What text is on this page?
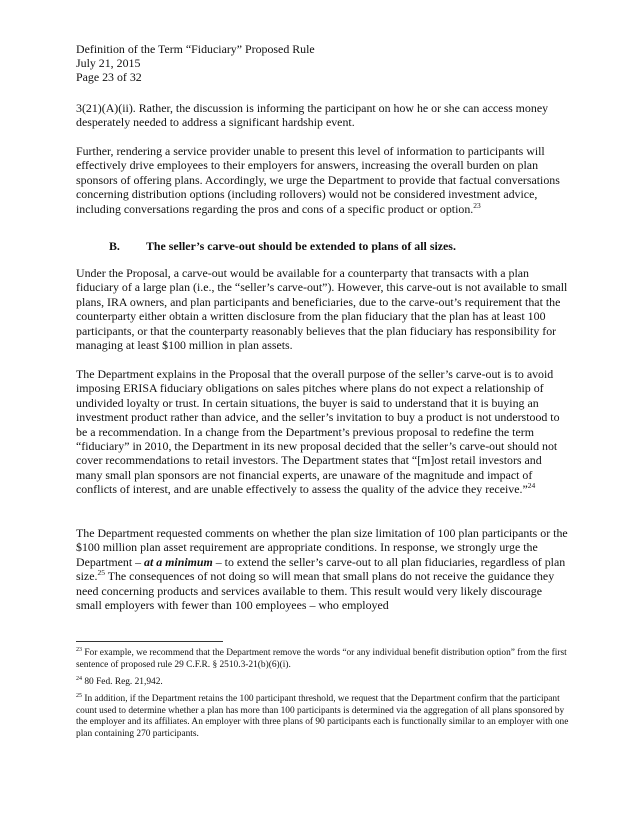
Definition of the Term “Fiduciary” Proposed Rule
July 21, 2015
Page 23 of 32

3(21)(A)(ii). Rather, the discussion is informing the participant on how he or she can access money desperately needed to address a significant hardship event.

Further, rendering a service provider unable to present this level of information to participants will effectively drive employees to their employers for answers, increasing the overall burden on plan sponsors of offering plans. Accordingly, we urge the Department to provide that factual conversations concerning distribution options (including rollovers) would not be considered investment advice, including conversations regarding the pros and cons of a specific product or option.$^{23}$

B. The seller’s carve-out should be extended to plans of all sizes.

Under the Proposal, a carve-out would be available for a counterparty that transacts with a plan fiduciary of a large plan (i.e., the “seller’s carve-out”). However, this carve-out is not available to small plans, IRA owners, and plan participants and beneficiaries, due to the carve-out’s requirement that the counterparty either obtain a written disclosure from the plan fiduciary that the plan has at least 100 participants, or that the counterparty reasonably believes that the plan fiduciary has responsibility for managing at least $100 million in plan assets.

The Department explains in the Proposal that the overall purpose of the seller’s carve-out is to avoid imposing ERISA fiduciary obligations on sales pitches where plans do not expect a relationship of undivided loyalty or trust. In certain situations, the buyer is said to understand that it is buying an investment product rather than advice, and the seller’s invitation to buy a product is not understood to be a recommendation. In a change from the Department’s previous proposal to redefine the term “fiduciary” in 2010, the Department in its new proposal decided that the seller’s carve-out should not cover recommendations to retail investors. The Department states that “[m]ost retail investors and many small plan sponsors are not financial experts, are unaware of the magnitude and impact of conflicts of interest, and are unable effectively to assess the quality of the advice they receive.”$^{24}$

The Department requested comments on whether the plan size limitation of 100 plan participants or the $100 million plan asset requirement are appropriate conditions. In response, we strongly urge the Department – at a minimum – to extend the seller’s carve-out to all plan fiduciaries, regardless of plan size.$^{25}$ The consequences of not doing so will mean that small plans do not receive the guidance they need concerning products and services available to them. This result would very likely discourage small employers with fewer than 100 employees – who employed

$^{23}$ For example, we recommend that the Department remove the words “or any individual benefit distribution option” from the first sentence of proposed rule 29 C.F.R. § 2510.3-21(b)(6)(i).
$^{24}$ 80 Fed. Reg. 21,942.
$^{25}$ In addition, if the Department retains the 100 participant threshold, we request that the Department confirm that the participant count used to determine whether a plan has more than 100 participants is determined via the aggregation of all plans sponsored by the employer and its affiliates. An employer with three plans of 90 participants each is functionally similar to an employer with one plan containing 270 participants.
